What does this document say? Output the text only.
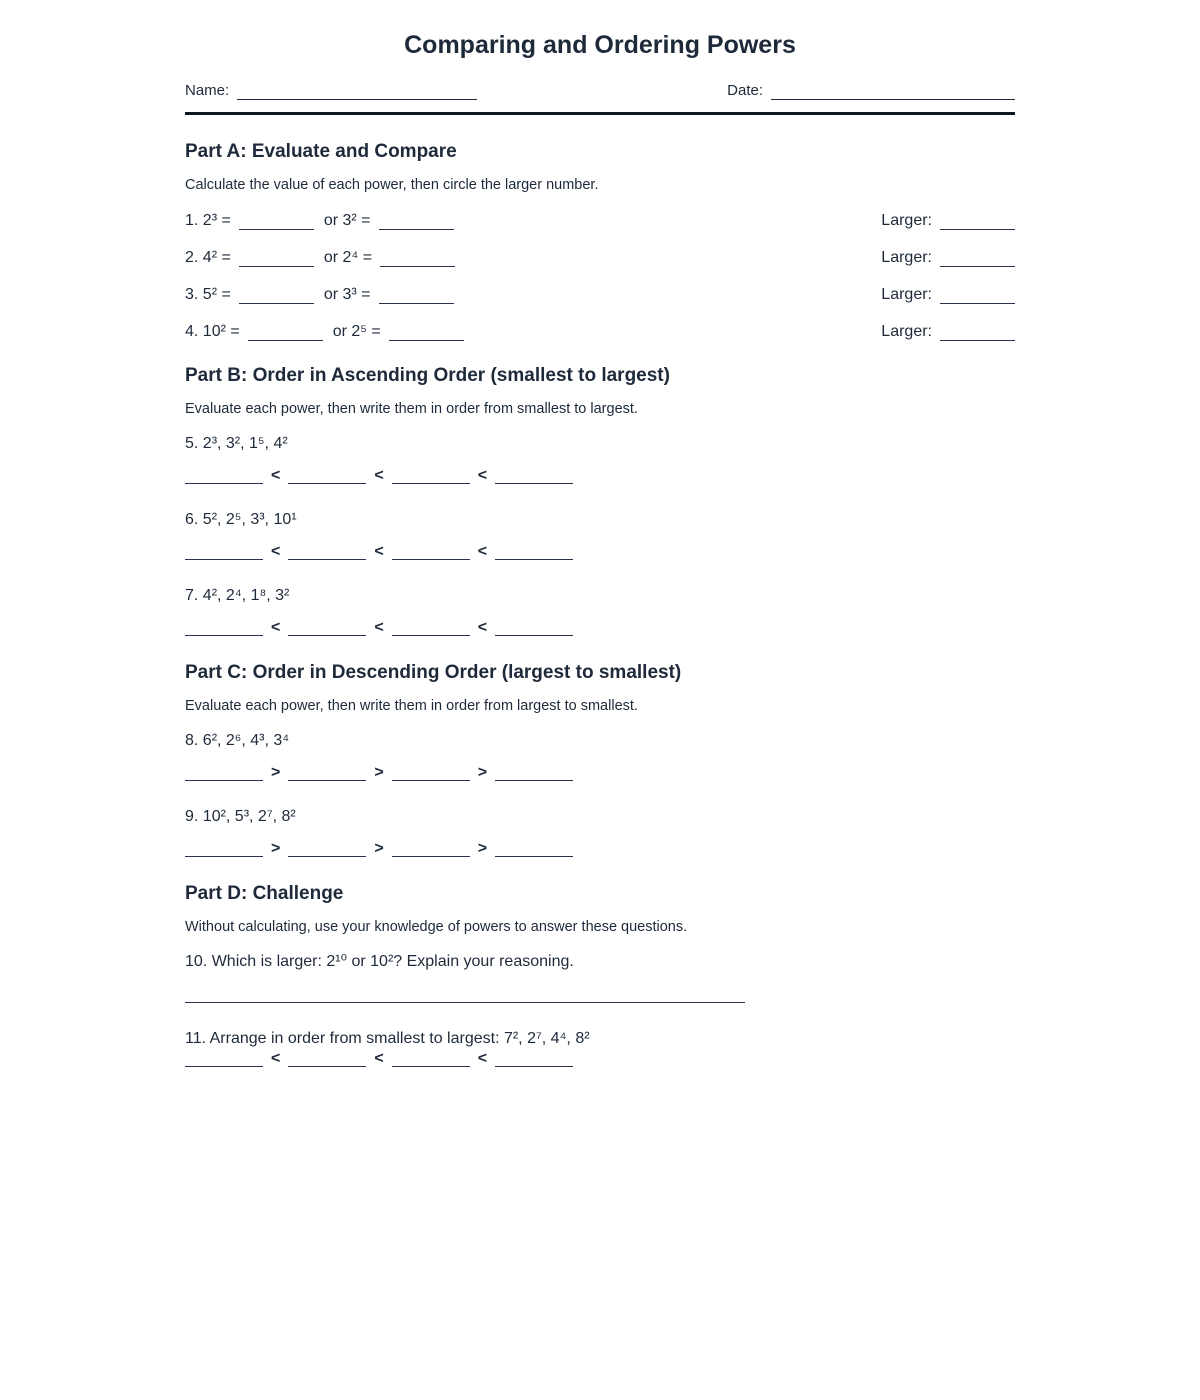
Comparing and Ordering Powers
Name:	Date:
Part A: Evaluate and Compare

Calculate the value of each power, then circle the larger number.

1. 2³ =	or 3² =	Larger:
2. 4² =	or 2⁴ =	Larger:
3. 5² =	or 3³ =	Larger:
4. 10² =	or 2⁵ =	Larger:
Part B: Order in Ascending Order (smallest to largest)

Evaluate each power, then write them in order from smallest to largest.

5. 2³, 3², 1⁵, 4²

<	<	<

6. 5², 2⁵, 3³, 10¹

<	<	<

7. 4², 2⁴, 1⁸, 3²

<	<	<
Part C: Order in Descending Order (largest to smallest)

Evaluate each power, then write them in order from largest to smallest.

8. 6², 2⁶, 4³, 3⁴

>	>	>

9. 10², 5³, 2⁷, 8²

>	>	>
Part D: Challenge

Without calculating, use your knowledge of powers to answer these questions.

10. Which is larger: 2¹⁰ or 10²? Explain your reasoning.

11. Arrange in order from smallest to largest: 7², 2⁷, 4⁴, 8²

<	<	<
